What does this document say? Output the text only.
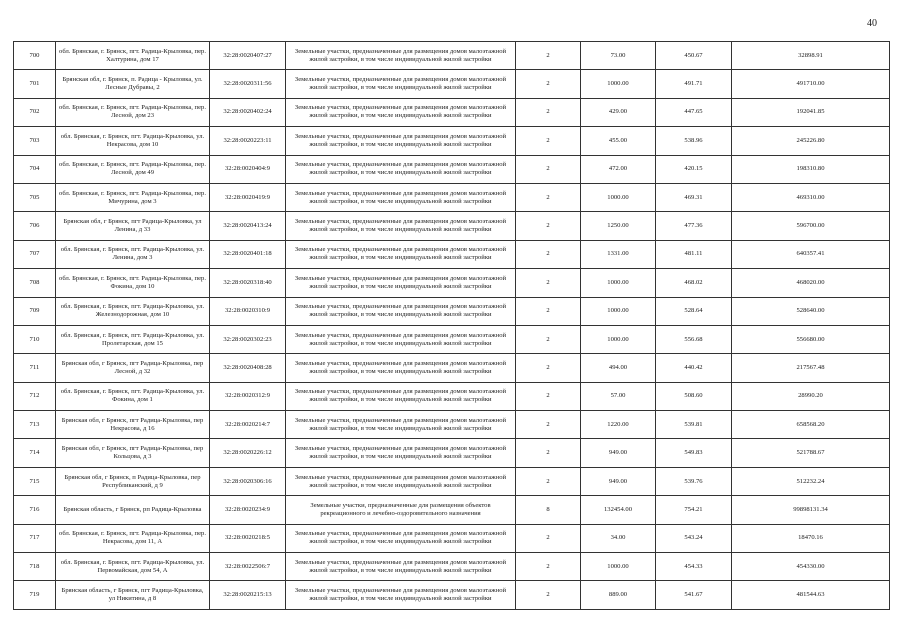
40
700	обл. Брянская, г. Брянск, пгт. Радица-Крыловка, пер. Халтурина, дом 17	32:28:0020407:27	Земельные участки, предназначенные для размещения домов малоэтажной жилой застройки, в том числе индивидуальной жилой застройки	2	73.00	450.67	32898.91
701	Брянская обл, г. Брянск, п. Радица - Крыловка, ул. Лесные Дубравы, 2	32:28:0020311:56	Земельные участки, предназначенные для размещения домов малоэтажной жилой застройки, в том числе индивидуальной жилой застройки	2	1000.00	491.71	491710.00
702	обл. Брянская, г. Брянск, пгт. Радица-Крыловка, пер. Лесной, дом 23	32:28:0020402:24	Земельные участки, предназначенные для размещения домов малоэтажной жилой застройки, в том числе индивидуальной жилой застройки	2	429.00	447.65	192041.85
703	обл. Брянская, г. Брянск, пгт. Радица-Крыловка, ул. Некрасова, дом 10	32:28:0020223:11	Земельные участки, предназначенные для размещения домов малоэтажной жилой застройки, в том числе индивидуальной жилой застройки	2	455.00	538.96	245226.80
704	обл. Брянская, г. Брянск, пгт. Радица-Крыловка, пер. Лесной, дом 49	32:28:0020404:9	Земельные участки, предназначенные для размещения домов малоэтажной жилой застройки, в том числе индивидуальной жилой застройки	2	472.00	420.15	198310.80
705	обл. Брянская, г. Брянск, пгт. Радица-Крыловка, пер. Мичурина, дом 3	32:28:0020419:9	Земельные участки, предназначенные для размещения домов малоэтажной жилой застройки, в том числе индивидуальной жилой застройки	2	1000.00	469.31	469310.00
706	Брянская обл, г Брянск, пгт Радица-Крыловка, ул Ленина, д 33	32:28:0020413:24	Земельные участки, предназначенные для размещения домов малоэтажной жилой застройки, в том числе индивидуальной жилой застройки	2	1250.00	477.36	596700.00
707	обл. Брянская, г. Брянск, пгт. Радица-Крыловка, ул. Ленина, дом 3	32:28:0020401:18	Земельные участки, предназначенные для размещения домов малоэтажной жилой застройки, в том числе индивидуальной жилой застройки	2	1331.00	481.11	640357.41
708	обл. Брянская, г. Брянск, пгт. Радица-Крыловка, пер. Фокина, дом 10	32:28:0020318:40	Земельные участки, предназначенные для размещения домов малоэтажной жилой застройки, в том числе индивидуальной жилой застройки	2	1000.00	468.02	468020.00
709	обл. Брянская, г. Брянск, пгт. Радица-Крыловка, ул. Железнодорожная, дом 10	32:28:0020310:9	Земельные участки, предназначенные для размещения домов малоэтажной жилой застройки, в том числе индивидуальной жилой застройки	2	1000.00	528.64	528640.00
710	обл. Брянская, г. Брянск, пгт. Радица-Крыловка, ул. Пролетарская, дом 15	32:28:0020302:23	Земельные участки, предназначенные для размещения домов малоэтажной жилой застройки, в том числе индивидуальной жилой застройки	2	1000.00	556.68	556680.00
711	Брянская обл, г Брянск, пгт Радица-Крыловка, пер Лесной, д 32	32:28:0020408:28	Земельные участки, предназначенные для размещения домов малоэтажной жилой застройки, в том числе индивидуальной жилой застройки	2	494.00	440.42	217567.48
712	обл. Брянская, г. Брянск, пгт. Радица-Крыловка, ул. Фокина, дом 1	32:28:0020312:9	Земельные участки, предназначенные для размещения домов малоэтажной жилой застройки, в том числе индивидуальной жилой застройки	2	57.00	508.60	28990.20
713	Брянская обл, г Брянск, пгт Радица-Крыловка, пер Некрасова, д 16	32:28:0020214:7	Земельные участки, предназначенные для размещения домов малоэтажной жилой застройки, в том числе индивидуальной жилой застройки	2	1220.00	539.81	658568.20
714	Брянская обл, г Брянск, пгт Радица-Крыловка, пер Кольцова, д 3	32:28:0020226:12	Земельные участки, предназначенные для размещения домов малоэтажной жилой застройки, в том числе индивидуальной жилой застройки	2	949.00	549.83	521788.67
715	Брянская обл, г Брянск, п Радица-Крыловка, пер Республиканский, д 9	32:28:0020306:16	Земельные участки, предназначенные для размещения домов малоэтажной жилой застройки, в том числе индивидуальной жилой застройки	2	949.00	539.76	512232.24
716	Брянская область, г Брянск, рп Радица-Крыловка	32:28:0020234:9	Земельные участки, предназначенные для размещения объектов рекреационного и лечебно-оздоровительного назначения	8	132454.00	754.21	99898131.34
717	обл. Брянская, г. Брянск, пгт. Радица-Крыловка, пер. Некрасова, дом 11, А	32:28:0020218:5	Земельные участки, предназначенные для размещения домов малоэтажной жилой застройки, в том числе индивидуальной жилой застройки	2	34.00	543.24	18470.16
718	обл. Брянская, г. Брянск, пгт. Радица-Крыловка, ул. Первомайская, дом 54, А	32:28:0022506:7	Земельные участки, предназначенные для размещения домов малоэтажной жилой застройки, в том числе индивидуальной жилой застройки	2	1000.00	454.33	454330.00
719	Брянская область, г Брянск, пгт Радица-Крыловка, ул Никитина, д 8	32:28:0020215:13	Земельные участки, предназначенные для размещения домов малоэтажной жилой застройки, в том числе индивидуальной жилой застройки	2	889.00	541.67	481544.63
